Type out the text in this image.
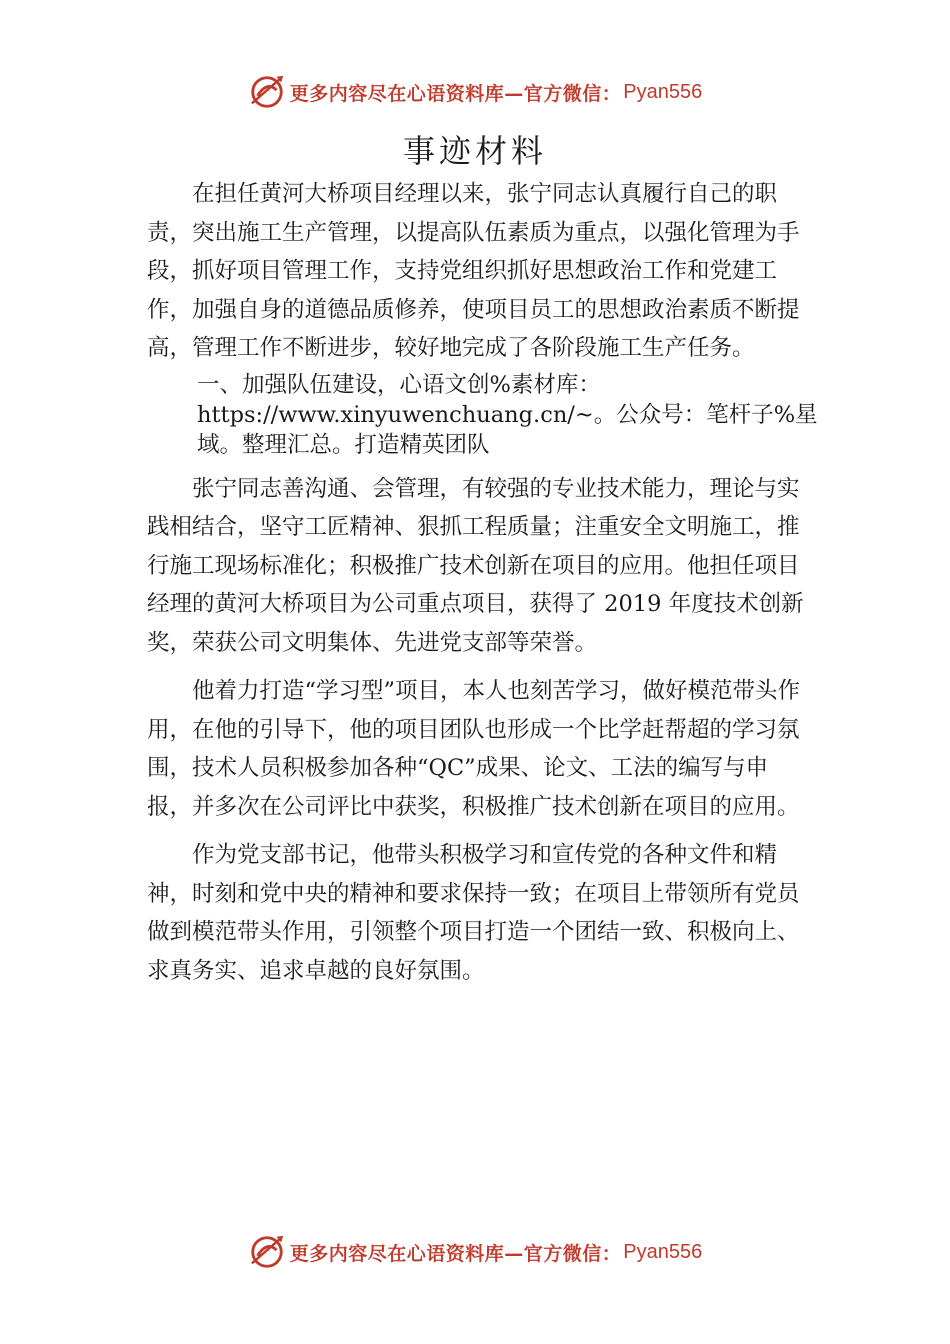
更多内容尽在心语资料库—官方微信： Pyan556
事迹材料

在担任黄河大桥项目经理以来，张宁同志认真履行自己的职责，突出施工生产管理，以提高队伍素质为重点，以强化管理为手段，抓好项目管理工作，支持党组织抓好思想政治工作和党建工作，加强自身的道德品质修养，使项目员工的思想政治素质不断提高，管理工作不断进步，较好地完成了各阶段施工生产任务。

一、加强队伍建设，心语文创%素材库：https://www.xinyuwenchuang.cn/~。公众号：笔杆子%星域。整理汇总。打造精英团队

张宁同志善沟通、会管理，有较强的专业技术能力，理论与实践相结合，坚守工匠精神、狠抓工程质量；注重安全文明施工，推行施工现场标准化；积极推广技术创新在项目的应用。他担任项目经理的黄河大桥项目为公司重点项目，获得了 2019 年度技术创新奖，荣获公司文明集体、先进党支部等荣誉。

他着力打造“学习型”项目，本人也刻苦学习，做好模范带头作用，在他的引导下，他的项目团队也形成一个比学赶帮超的学习氛围，技术人员积极参加各种“QC”成果、论文、工法的编写与申报，并多次在公司评比中获奖，积极推广技术创新在项目的应用。

作为党支部书记，他带头积极学习和宣传党的各种文件和精神，时刻和党中央的精神和要求保持一致；在项目上带领所有党员做到模范带头作用，引领整个项目打造一个团结一致、积极向上、求真务实、追求卓越的良好氛围。

更多内容尽在心语资料库—官方微信： Pyan556
